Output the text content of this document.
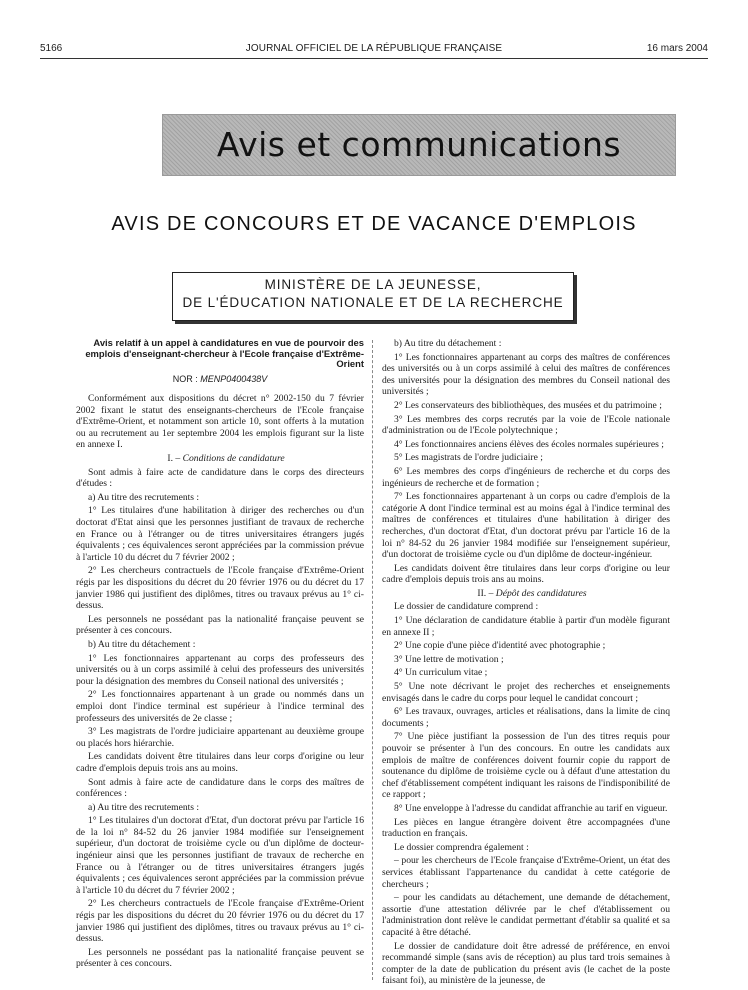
JOURNAL OFFICIEL DE LA RÉPUBLIQUE FRANÇAISE
5166	16 mars 2004
Avis et communications
AVIS DE CONCOURS ET DE VACANCE D'EMPLOIS
MINISTÈRE DE LA JEUNESSE,
DE L'ÉDUCATION NATIONALE ET DE LA RECHERCHE
Avis relatif à un appel à candidatures en vue de pourvoir des emplois d'enseignant-chercheur à l'Ecole française d'Extrême-Orient
NOR : MENP0400438V

Conformément aux dispositions du décret n° 2002-150 du 7 février 2002 fixant le statut des enseignants-chercheurs de l'Ecole française d'Extrême-Orient, et notamment son article 10, sont offerts à la mutation ou au recrutement au 1er septembre 2004 les emplois figurant sur la liste en annexe I.

I. – Conditions de candidature

Sont admis à faire acte de candidature dans le corps des directeurs d'études :

a) Au titre des recrutements :

1° Les titulaires d'une habilitation à diriger des recherches ou d'un doctorat d'Etat ainsi que les personnes justifiant de travaux de recherche en France ou à l'étranger ou de titres universitaires étrangers jugés équivalents ; ces équivalences seront appréciées par la commission prévue à l'article 10 du décret du 7 février 2002 ;

2° Les chercheurs contractuels de l'Ecole française d'Extrême-Orient régis par les dispositions du décret du 20 février 1976 ou du décret du 17 janvier 1986 qui justifient des diplômes, titres ou travaux prévus au 1° ci-dessus.

Les personnels ne possédant pas la nationalité française peuvent se présenter à ces concours.

b) Au titre du détachement :

1° Les fonctionnaires appartenant au corps des professeurs des universités ou à un corps assimilé à celui des professeurs des universités pour la désignation des membres du Conseil national des universités ;

2° Les fonctionnaires appartenant à un grade ou nommés dans un emploi dont l'indice terminal est supérieur à l'indice terminal des professeurs des universités de 2e classe ;

3° Les magistrats de l'ordre judiciaire appartenant au deuxième groupe ou placés hors hiérarchie.

Les candidats doivent être titulaires dans leur corps d'origine ou leur cadre d'emplois depuis trois ans au moins.

Sont admis à faire acte de candidature dans le corps des maîtres de conférences :

a) Au titre des recrutements :

1° Les titulaires d'un doctorat d'Etat, d'un doctorat prévu par l'article 16 de la loi n° 84-52 du 26 janvier 1984 modifiée sur l'enseignement supérieur, d'un doctorat de troisième cycle ou d'un diplôme de docteur-ingénieur ainsi que les personnes justifiant de travaux de recherche en France ou à l'étranger ou de titres universitaires étrangers jugés équivalents ; ces équivalences seront appréciées par la commission prévue à l'article 10 du décret du 7 février 2002 ;

2° Les chercheurs contractuels de l'Ecole française d'Extrême-Orient régis par les dispositions du décret du 20 février 1976 ou du décret du 17 janvier 1986 qui justifient des diplômes, titres ou travaux prévus au 1° ci-dessus.

Les personnels ne possédant pas la nationalité française peuvent se présenter à ces concours.

b) Au titre du détachement :

1° Les fonctionnaires appartenant au corps des maîtres de conférences des universités ou à un corps assimilé à celui des maîtres de conférences des universités pour la désignation des membres du Conseil national des universités ;

2° Les conservateurs des bibliothèques, des musées et du patrimoine ;

3° Les membres des corps recrutés par la voie de l'Ecole nationale d'administration ou de l'Ecole polytechnique ;

4° Les fonctionnaires anciens élèves des écoles normales supérieures ;

5° Les magistrats de l'ordre judiciaire ;

6° Les membres des corps d'ingénieurs de recherche et du corps des ingénieurs de recherche et de formation ;

7° Les fonctionnaires appartenant à un corps ou cadre d'emplois de la catégorie A dont l'indice terminal est au moins égal à l'indice terminal des maîtres de conférences et titulaires d'une habilitation à diriger des recherches, d'un doctorat d'Etat, d'un doctorat prévu par l'article 16 de la loi n° 84-52 du 26 janvier 1984 modifiée sur l'enseignement supérieur, d'un doctorat de troisième cycle ou d'un diplôme de docteur-ingénieur.

Les candidats doivent être titulaires dans leur corps d'origine ou leur cadre d'emplois depuis trois ans au moins.

II. – Dépôt des candidatures

Le dossier de candidature comprend :

1° Une déclaration de candidature établie à partir d'un modèle figurant en annexe II ;

2° Une copie d'une pièce d'identité avec photographie ;

3° Une lettre de motivation ;

4° Un curriculum vitae ;

5° Une note décrivant le projet des recherches et enseignements envisagés dans le cadre du corps pour lequel le candidat concourt ;

6° Les travaux, ouvrages, articles et réalisations, dans la limite de cinq documents ;

7° Une pièce justifiant la possession de l'un des titres requis pour pouvoir se présenter à l'un des concours. En outre les candidats aux emplois de maître de conférences doivent fournir copie du rapport de soutenance du diplôme de troisième cycle ou à défaut d'une attestation du chef d'établissement compétent indiquant les raisons de l'indisponibilité de ce rapport ;

8° Une enveloppe à l'adresse du candidat affranchie au tarif en vigueur.

Les pièces en langue étrangère doivent être accompagnées d'une traduction en français.

Le dossier comprendra également :

– pour les chercheurs de l'Ecole française d'Extrême-Orient, un état des services établissant l'appartenance du candidat à cette catégorie de chercheurs ;

– pour les candidats au détachement, une demande de détachement, assortie d'une attestation délivrée par le chef d'établissement ou l'administration dont relève le candidat permettant d'établir sa qualité et sa capacité à être détaché.

Le dossier de candidature doit être adressé de préférence, en envoi recommandé simple (sans avis de réception) au plus tard trois semaines à compter de la date de publication du présent avis (le cachet de la poste faisant foi), au ministère de la jeunesse, de
